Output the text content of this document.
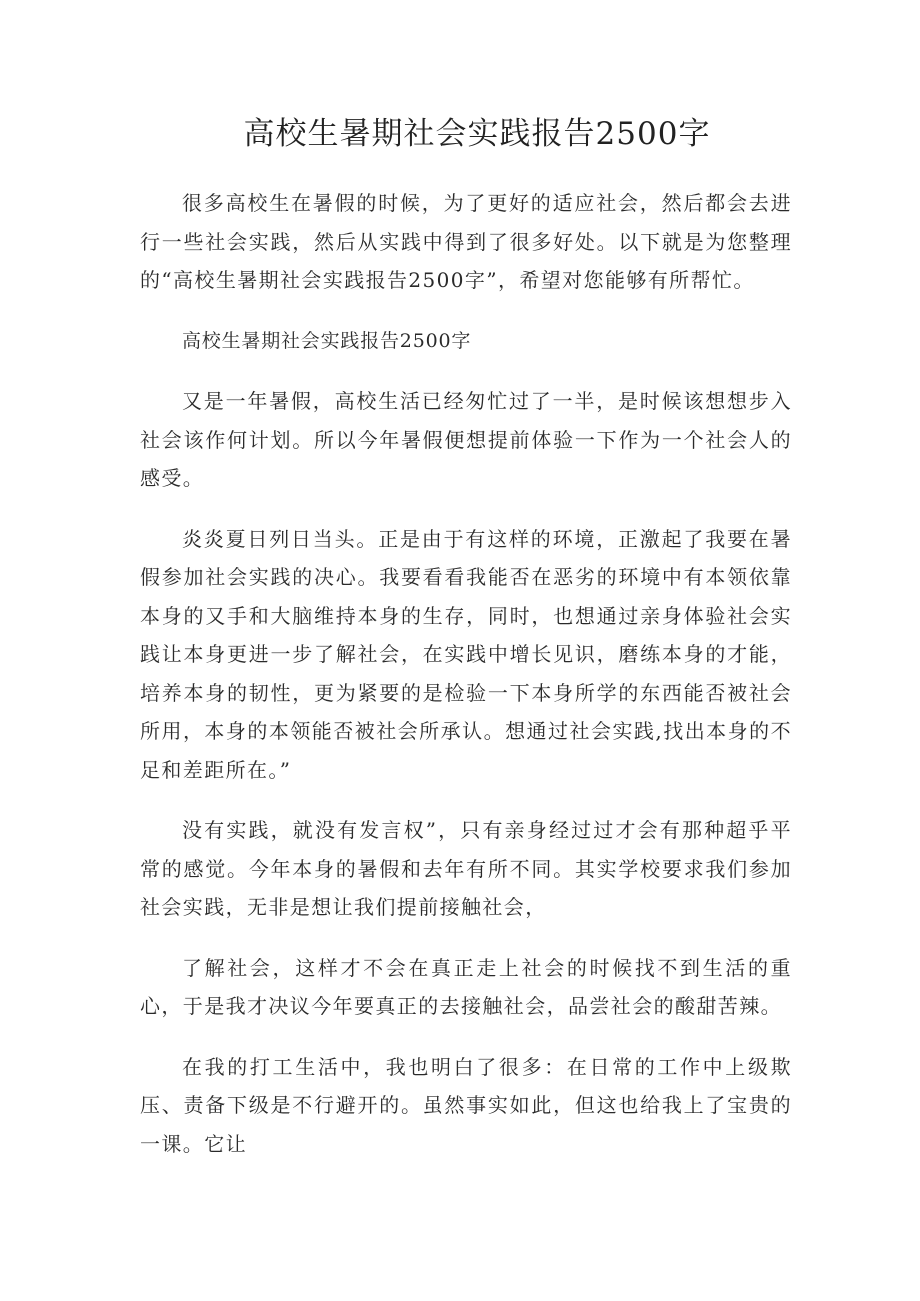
高校生暑期社会实践报告2500字

很多高校生在暑假的时候，为了更好的适应社会，然后都会去进行一些社会实践，然后从实践中得到了很多好处。以下就是为您整理的“高校生暑期社会实践报告2500字”，希望对您能够有所帮忙。

高校生暑期社会实践报告2500字

又是一年暑假，高校生活已经匆忙过了一半，是时候该想想步入社会该作何计划。所以今年暑假便想提前体验一下作为一个社会人的感受。

炎炎夏日列日当头。正是由于有这样的环境，正激起了我要在暑假参加社会实践的决心。我要看看我能否在恶劣的环境中有本领依靠本身的又手和大脑维持本身的生存，同时，也想通过亲身体验社会实践让本身更进一步了解社会，在实践中增长见识，磨练本身的才能，培养本身的韧性，更为紧要的是检验一下本身所学的东西能否被社会所用，本身的本领能否被社会所承认。想通过社会实践,找出本身的不足和差距所在。”

没有实践，就没有发言权”，只有亲身经过过才会有那种超乎平常的感觉。今年本身的暑假和去年有所不同。其实学校要求我们参加社会实践，无非是想让我们提前接触社会，

了解社会，这样才不会在真正走上社会的时候找不到生活的重心，于是我才决议今年要真正的去接触社会，品尝社会的酸甜苦辣。

在我的打工生活中，我也明白了很多：在日常的工作中上级欺压、责备下级是不行避开的。虽然事实如此，但这也给我上了宝贵的一课。它让
